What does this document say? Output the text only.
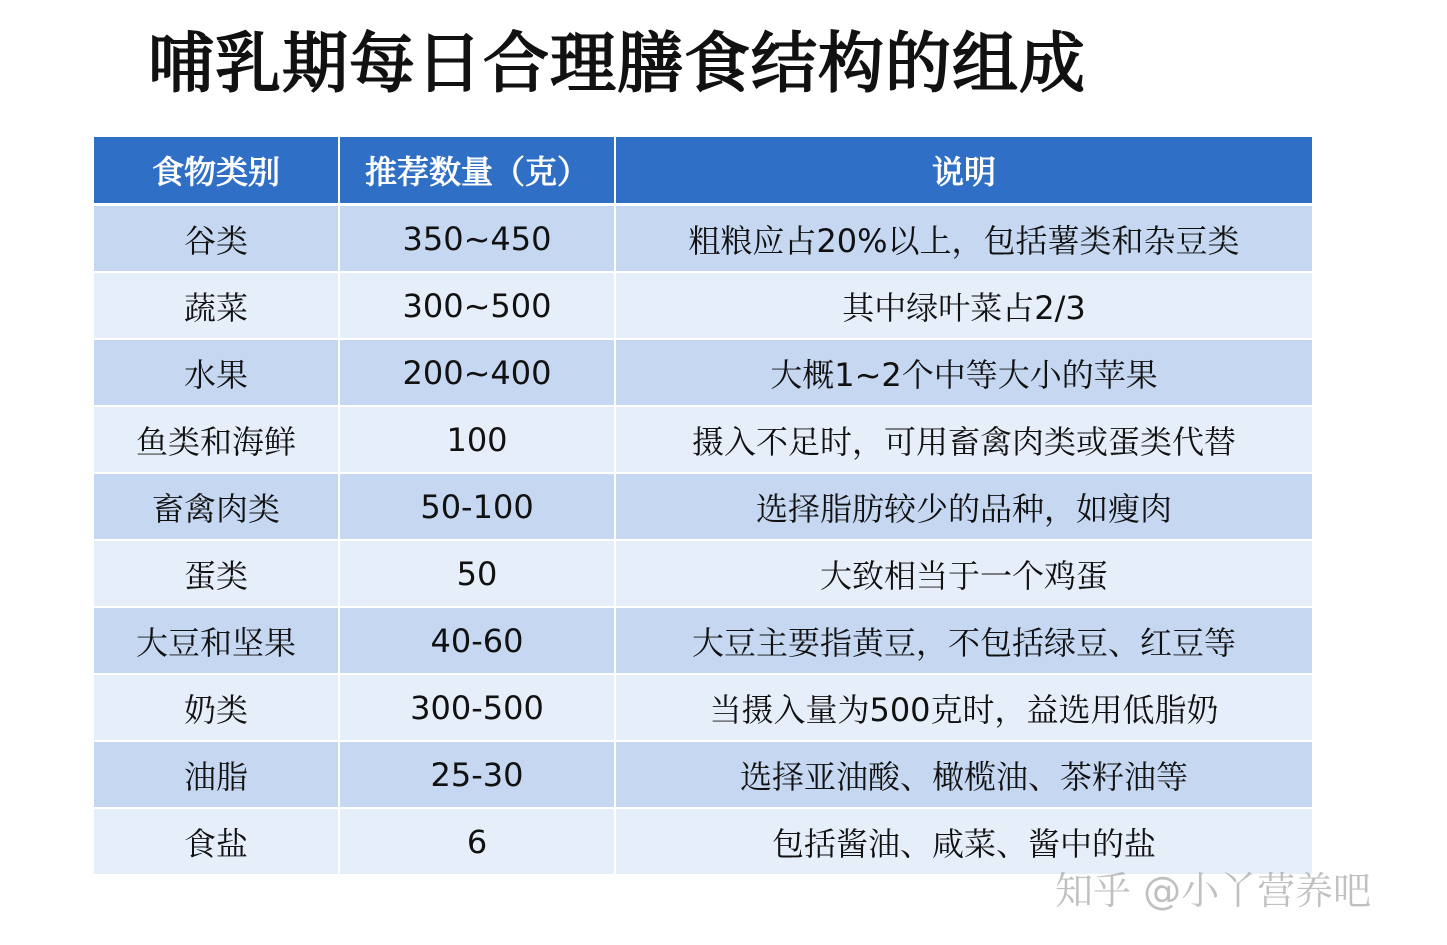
哺乳期每日合理膳食结构的组成
食物类别	推荐数量（克）	说明
谷类	350~450	粗粮应占20%以上，包括薯类和杂豆类
蔬菜	300~500	其中绿叶菜占2/3
水果	200~400	大概1~2个中等大小的苹果
鱼类和海鲜	100	摄入不足时，可用畜禽肉类或蛋类代替
畜禽肉类	50-100	选择脂肪较少的品种，如瘦肉
蛋类	50	大致相当于一个鸡蛋
大豆和坚果	40-60	大豆主要指黄豆，不包括绿豆、红豆等
奶类	300-500	当摄入量为500克时，益选用低脂奶
油脂	25-30	选择亚油酸、橄榄油、茶籽油等
食盐	6	包括酱油、咸菜、酱中的盐
知乎 @小丫营养吧
